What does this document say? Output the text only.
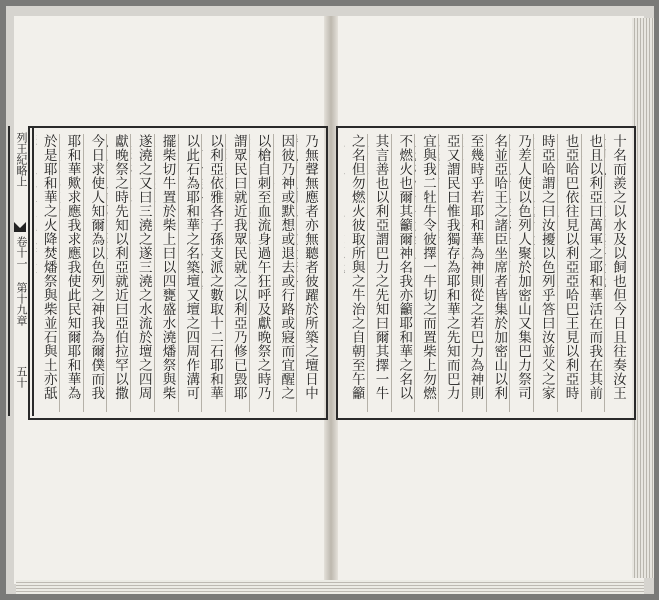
十名而羨之以水及以飼也但今日且往奏汝王
也且以利亞曰萬軍之耶和華活在而我在其前
也亞哈巴依往見以利亞亞哈巴王見以利亞時
時亞哈謂之曰汝擾以色列乎答曰汝並父之家
乃差人使以色列人聚於加密山又集巴力祭司
名並亞哈王之諸臣坐席者皆集於加密山以利
至幾時乎若耶和華為神則從之若巴力為神則
亞又謂民曰惟我獨存為耶和華之先知而巴力
宜與我二牡牛令彼擇一牛切之而置柴上勿燃
不燃火也爾其籲爾神名我亦籲耶和華之名以
其言善也以利亞謂巴力之先知曰爾其擇一牛
之名但勿燃火彼取所與之牛治之自朝至午籲
乃無聲無應者亦無聽者彼躍於所築之壇日中
因彼乃神或默想或退去或行路或寢而宜醒之
以槍自刺至血流身過午狂呼及獻晚祭之時乃
謂眾民曰就近我眾民就之以利亞乃修已毀耶
以利亞依雅各子孫支派之數取十二石耶和華
以此石為耶和華之名築壇又壇之四周作溝可
擺柴切牛置於柴上曰以四甕盛水澆燔祭與柴
遂澆之又曰三澆之遂三澆之水流於壇之四周
獻晚祭之時先知以利亞就近曰亞伯拉罕以撒
今日求使人知爾為以色列之神我為爾僕而我
耶和華歟求應我求應我使此民知爾耶和華為
於是耶和華之火降焚燔祭與柴並石與土亦舐
列王紀略上
卷十一
第十九章
五十
